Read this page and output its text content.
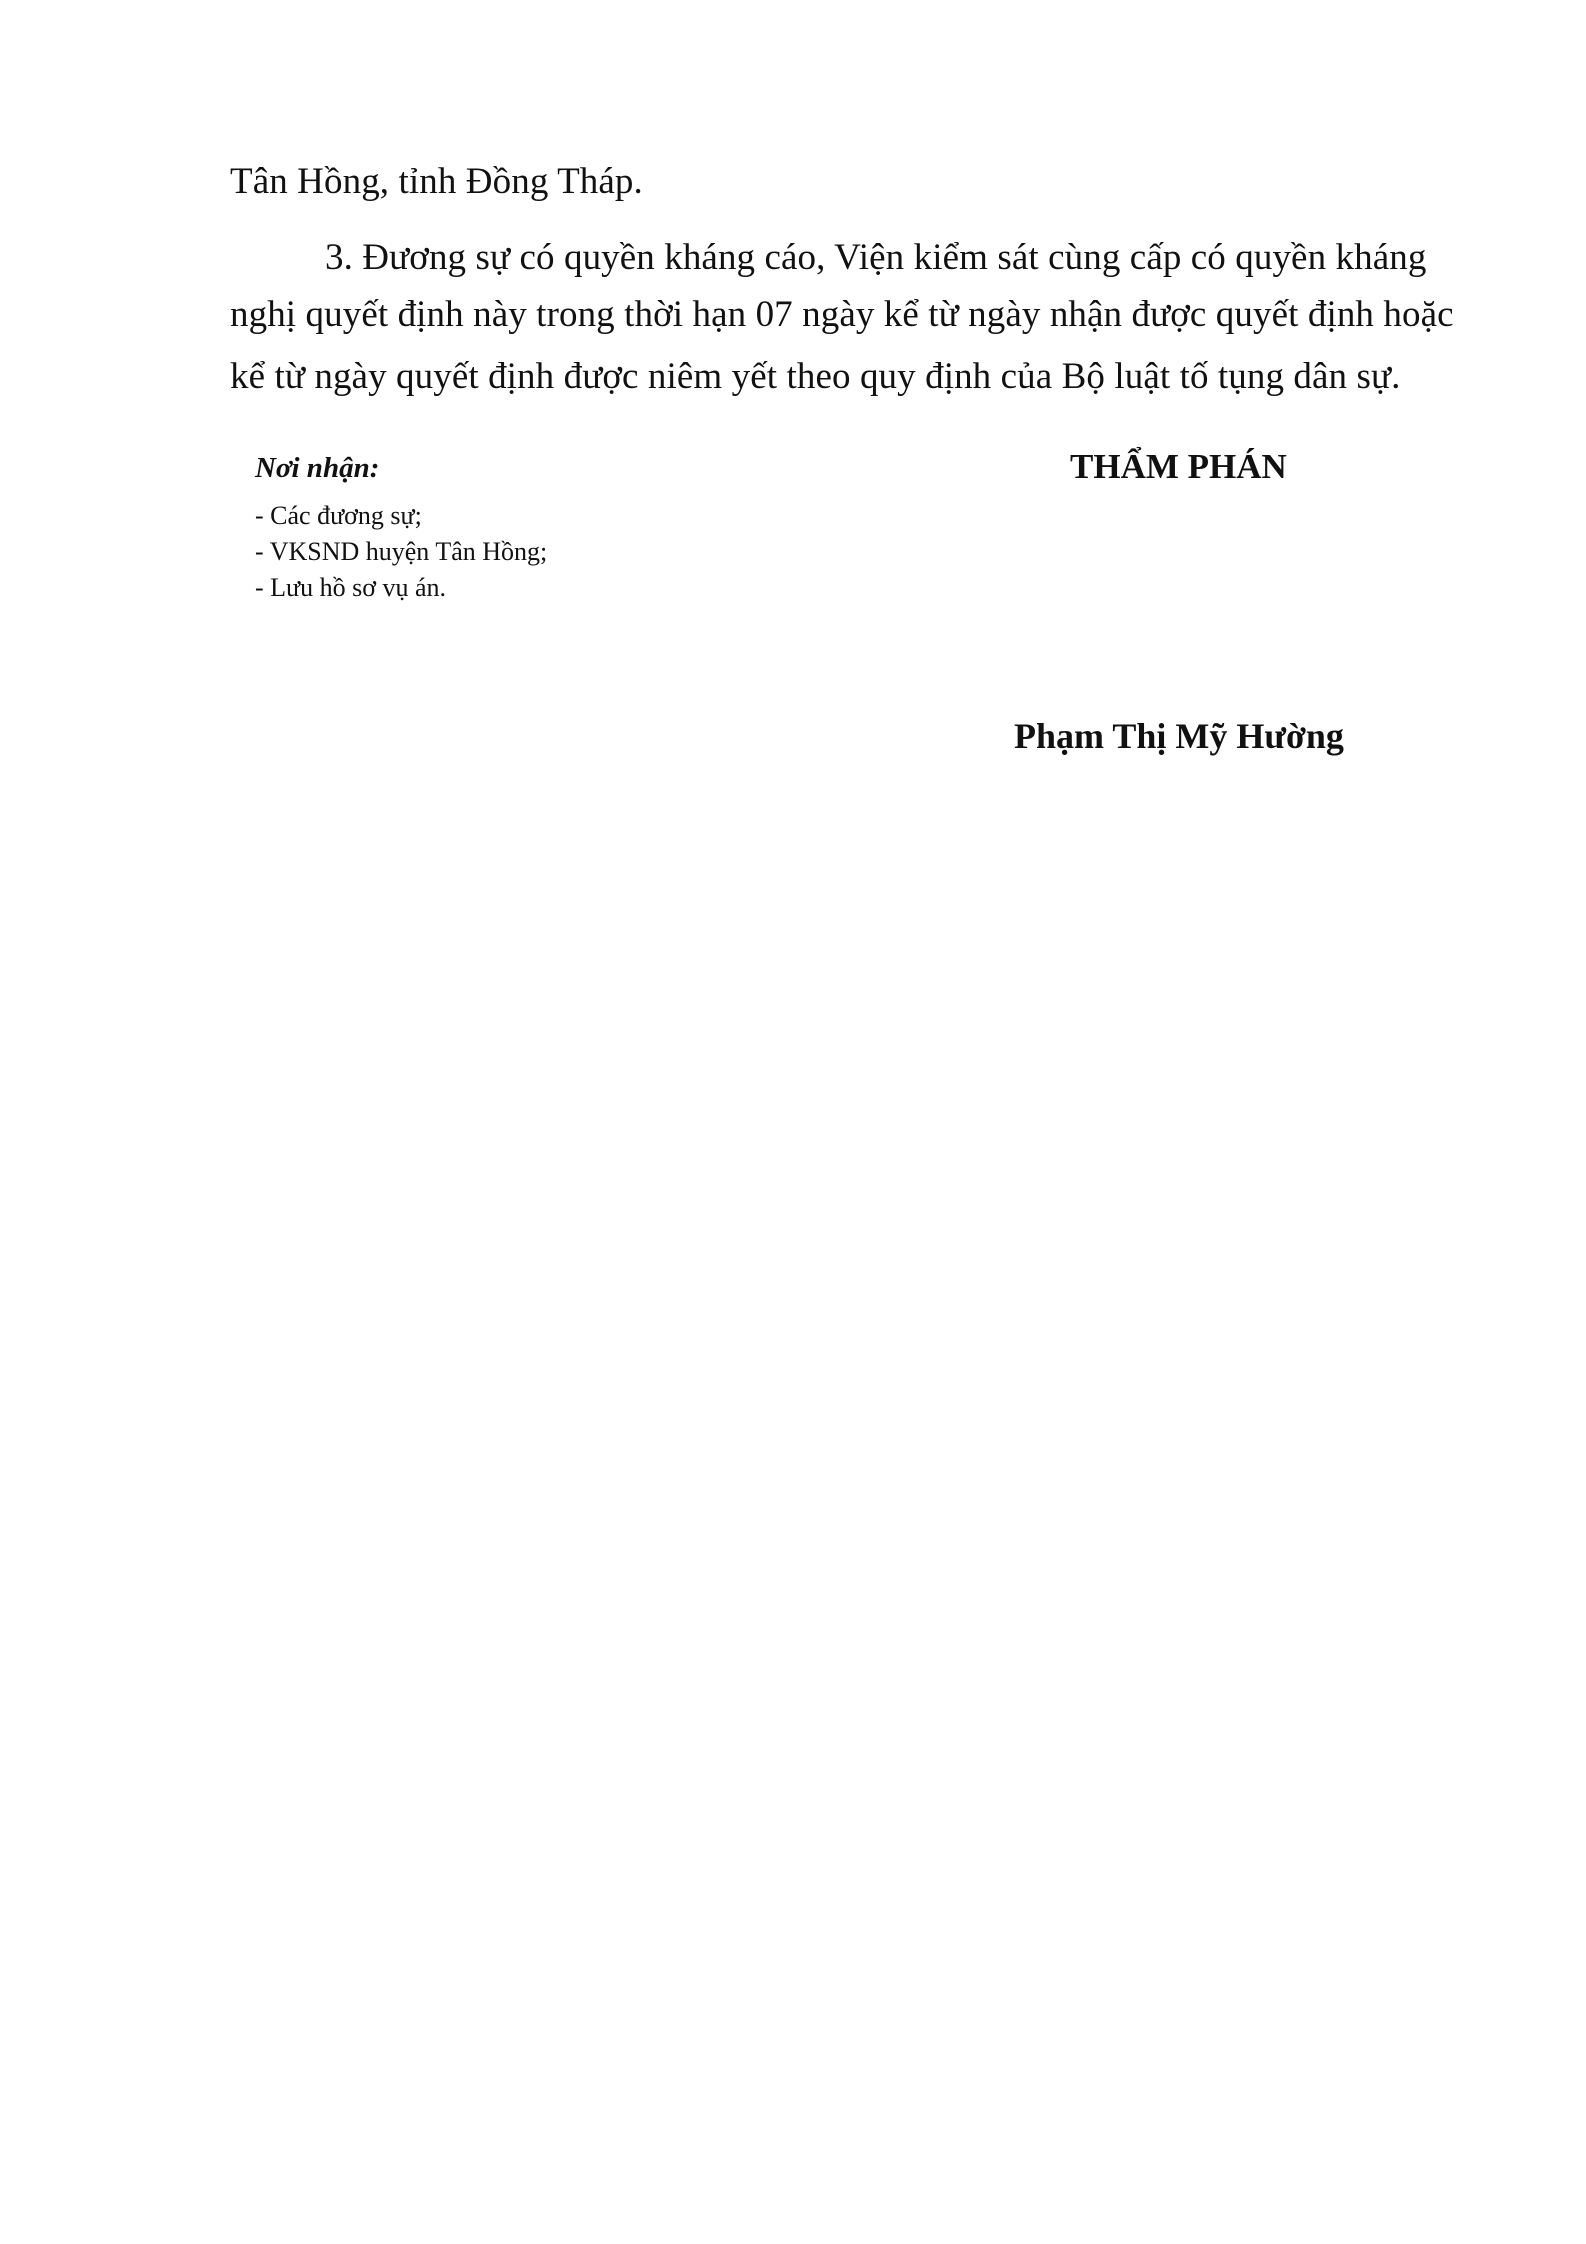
Tân Hồng, tỉnh Đồng Tháp.
3. Đương sự có quyền kháng cáo, Viện kiểm sát cùng cấp có quyền kháng
nghị quyết định này trong thời hạn 07 ngày kể từ ngày nhận được quyết định hoặc
kể từ ngày quyết định được niêm yết theo quy định của Bộ luật tố tụng dân sự.
Nơi nhận:
- Các đương sự;
- VKSND huyện Tân Hồng;
- Lưu hồ sơ vụ án.
THẨM PHÁN
Phạm Thị Mỹ Hường
